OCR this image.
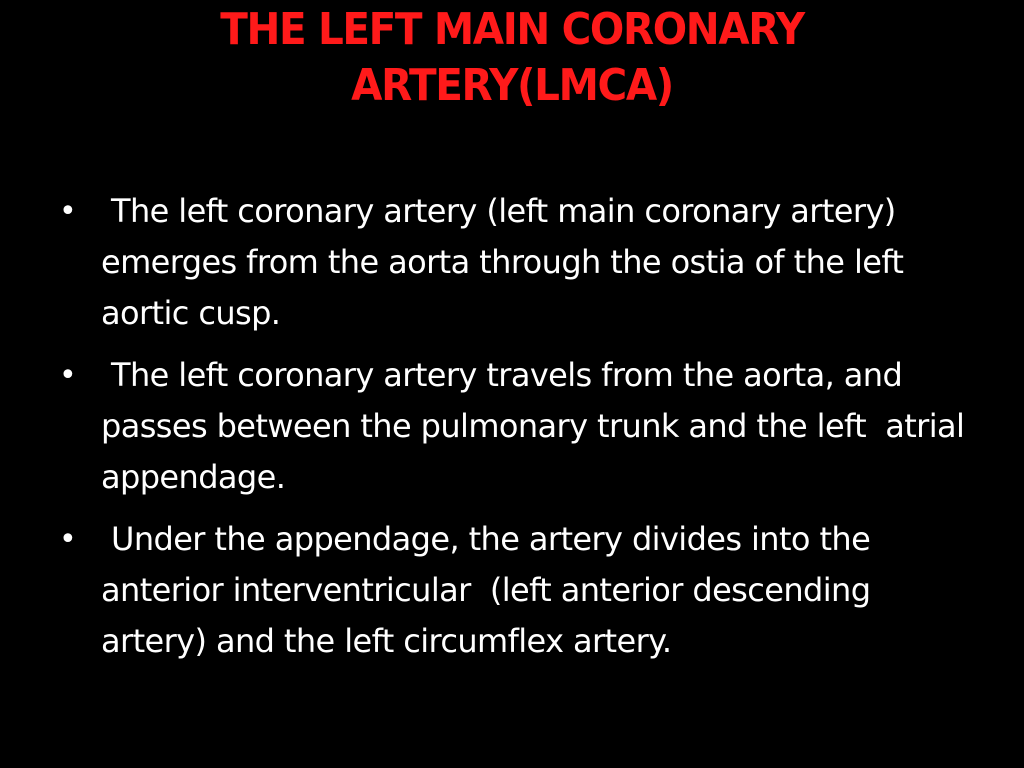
THE LEFT MAIN CORONARY
ARTERY(LMCA)
•	The left coronary artery (left main coronary artery) emerges from the aorta through the ostia of the left aortic cusp.
•	The left coronary artery travels from the aorta, and passes between the pulmonary trunk and the left  atrial  appendage.
•	Under the appendage, the artery divides into the anterior interventricular  (left anterior descending artery) and the left circumflex artery.
